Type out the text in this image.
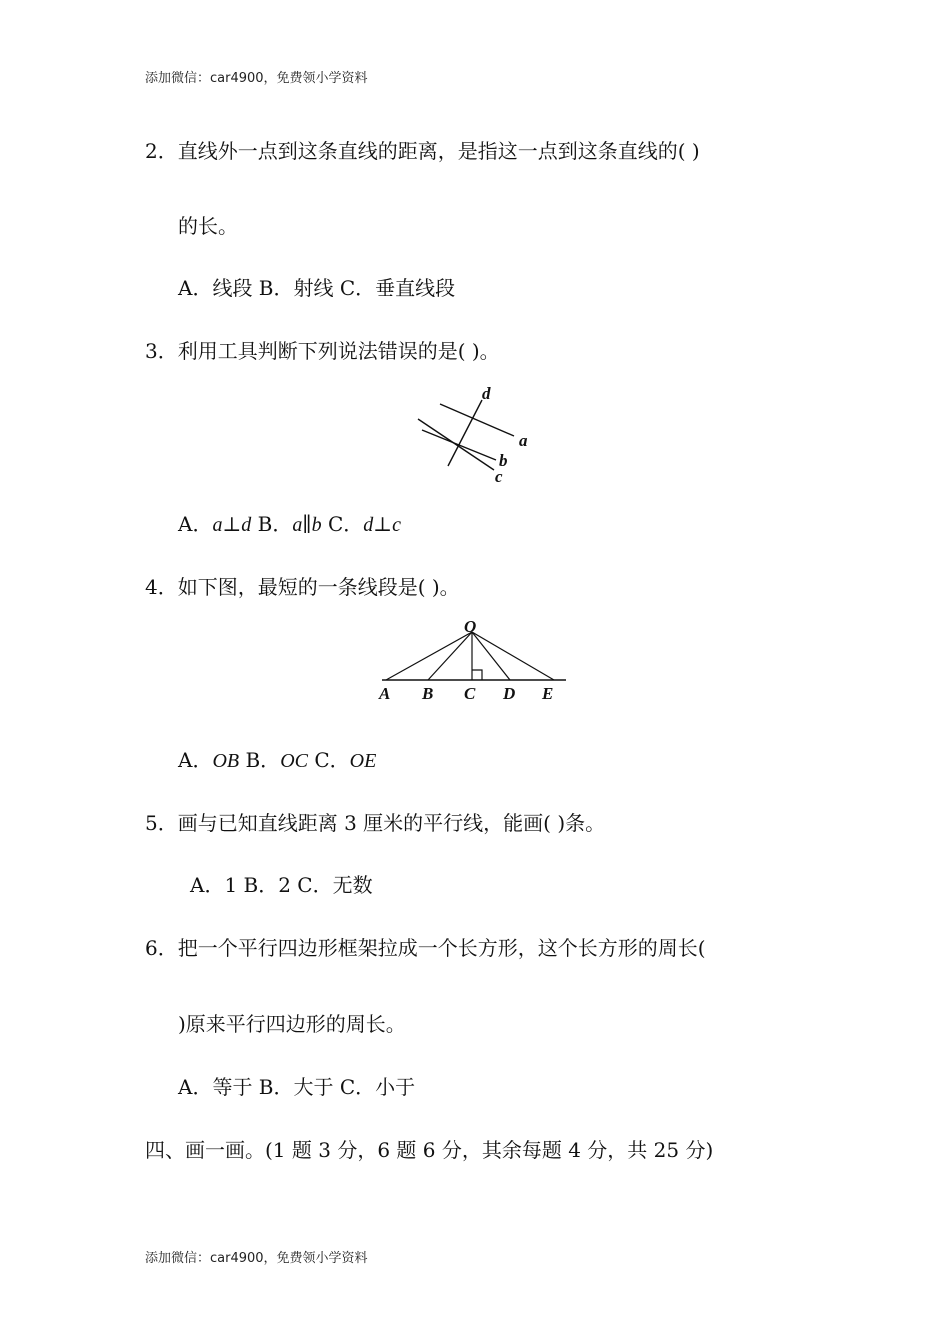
添加微信：car4900，免费领小学资料
2．直线外一点到这条直线的距离，是指这一点到这条直线的( )
的长。
A．线段 B．射线 C．垂直线段
3．利用工具判断下列说法错误的是( )。
d
a
b
c
A．a⊥d B．a∥b C．d⊥c
4．如下图，最短的一条线段是( )。
O
A B C D E
A．OB B．OC C．OE
5．画与已知直线距离 3 厘米的平行线，能画( )条。
A．1 B．2 C．无数
6．把一个平行四边形框架拉成一个长方形，这个长方形的周长(
)原来平行四边形的周长。
A．等于 B．大于 C．小于
四、画一画。(1 题 3 分，6 题 6 分，其余每题 4 分，共 25 分)
添加微信：car4900，免费领小学资料
